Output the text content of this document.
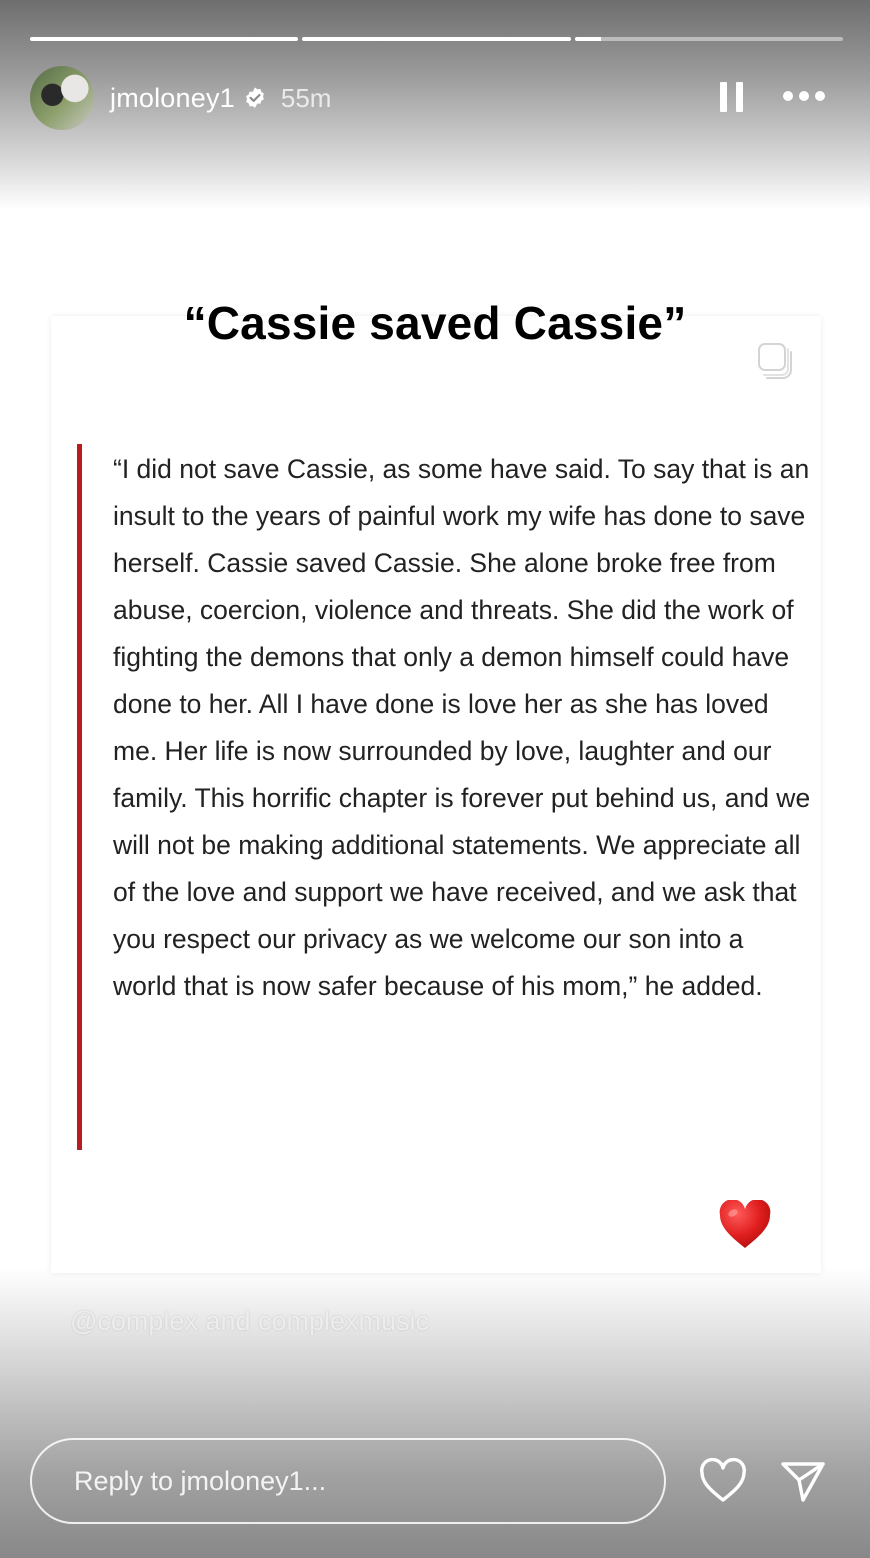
jmoloney1 55m
“Cassie saved Cassie”

“I did not save Cassie, as some have said. To say that is an insult to the years of painful work my wife has done to save herself. Cassie saved Cassie. She alone broke free from abuse, coercion, violence and threats. She did the work of fighting the demons that only a demon himself could have done to her. All I have done is love her as she has loved me. Her life is now surrounded by love, laughter and our family. This horrific chapter is forever put behind us, and we will not be making additional statements. We appreciate all of the love and support we have received, and we ask that you respect our privacy as we welcome our son into a world that is now safer because of his mom,” he added.

@complex and complexmusic
Reply to jmoloney1...
